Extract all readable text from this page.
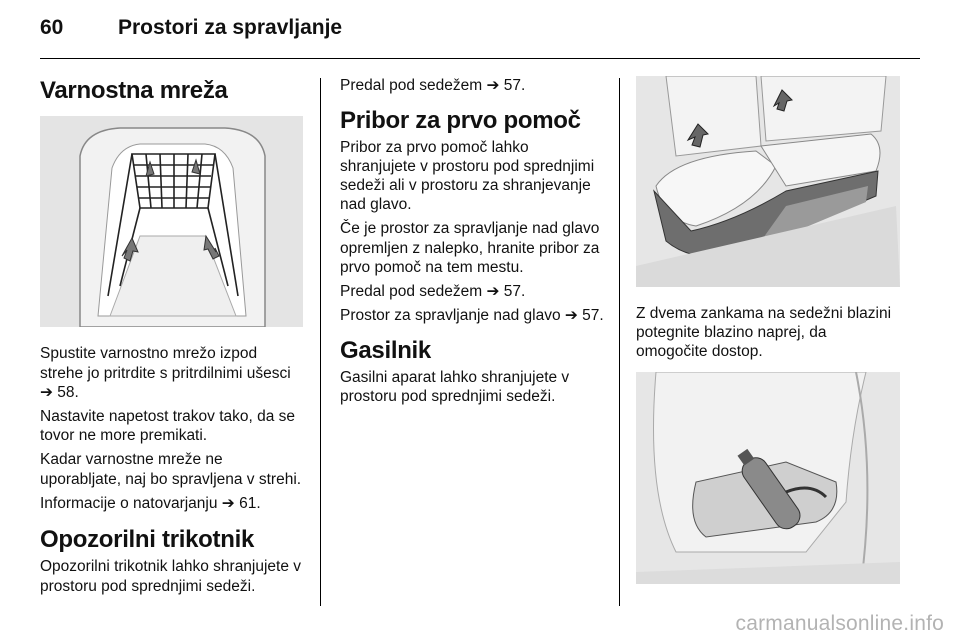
60	Prostori za spravljanje
Varnostna mreža

Spustite varnostno mrežo izpod strehe jo pritrdite s pritrdilnimi ušesci ➔ 58.

Nastavite napetost trakov tako, da se tovor ne more premikati.

Kadar varnostne mreže ne uporabljate, naj bo spravljena v strehi.

Informacije o natovarjanju ➔ 61.

Opozorilni trikotnik

Opozorilni trikotnik lahko shranjujete v prostoru pod sprednjimi sedeži.

Predal pod sedežem ➔ 57.

Pribor za prvo pomoč

Pribor za prvo pomoč lahko shranjujete v prostoru pod sprednjimi sedeži ali v prostoru za shranjevanje nad glavo.

Če je prostor za spravljanje nad glavo opremljen z nalepko, hranite pribor za prvo pomoč na tem mestu.

Predal pod sedežem ➔ 57.

Prostor za spravljanje nad glavo ➔ 57.

Gasilnik

Gasilni aparat lahko shranjujete v prostoru pod sprednjimi sedeži.

Z dvema zankama na sedežni blazini potegnite blazino naprej, da omogočite dostop.

carmanualsonline.info
